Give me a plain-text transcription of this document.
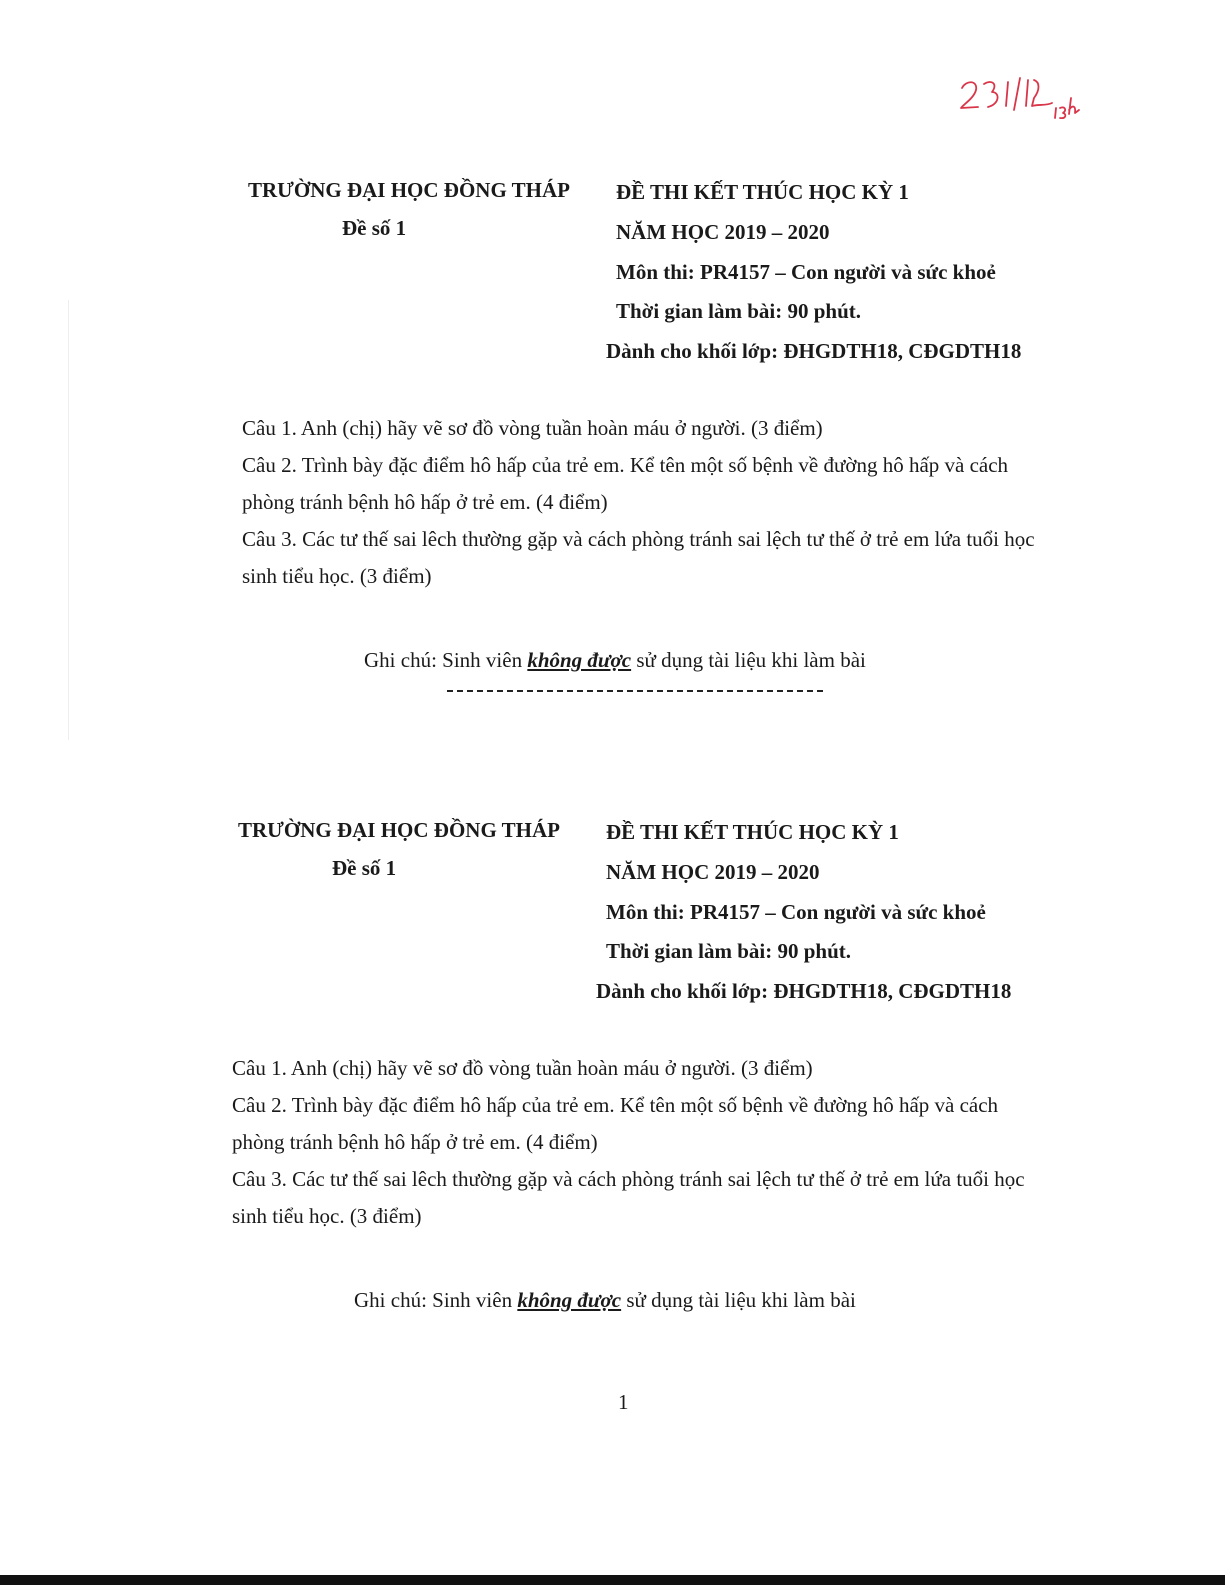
TRƯỜNG ĐẠI HỌC ĐỒNG THÁP
Đề số 1
ĐỀ THI KẾT THÚC HỌC KỲ 1
NĂM HỌC 2019 – 2020
Môn thi: PR4157 – Con người và sức khoẻ
Thời gian làm bài: 90 phút.
Dành cho khối lớp: ĐHGDTH18, CĐGDTH18

Câu 1. Anh (chị) hãy vẽ sơ đồ vòng tuần hoàn máu ở người. (3 điểm)

Câu 2. Trình bày đặc điểm hô hấp của trẻ em. Kể tên một số bệnh về đường hô hấp và cách phòng tránh bệnh hô hấp ở trẻ em. (4 điểm)

Câu 3. Các tư thế sai lêch thường gặp và cách phòng tránh sai lệch tư thế ở trẻ em lứa tuổi học sinh tiểu học. (3 điểm)

Ghi chú: Sinh viên không được sử dụng tài liệu khi làm bài
TRƯỜNG ĐẠI HỌC ĐỒNG THÁP
Đề số 1
ĐỀ THI KẾT THÚC HỌC KỲ 1
NĂM HỌC 2019 – 2020
Môn thi: PR4157 – Con người và sức khoẻ
Thời gian làm bài: 90 phút.
Dành cho khối lớp: ĐHGDTH18, CĐGDTH18

Câu 1. Anh (chị) hãy vẽ sơ đồ vòng tuần hoàn máu ở người. (3 điểm)

Câu 2. Trình bày đặc điểm hô hấp của trẻ em. Kể tên một số bệnh về đường hô hấp và cách phòng tránh bệnh hô hấp ở trẻ em. (4 điểm)

Câu 3. Các tư thế sai lêch thường gặp và cách phòng tránh sai lệch tư thế ở trẻ em lứa tuổi học sinh tiểu học. (3 điểm)

Ghi chú: Sinh viên không được sử dụng tài liệu khi làm bài
1
